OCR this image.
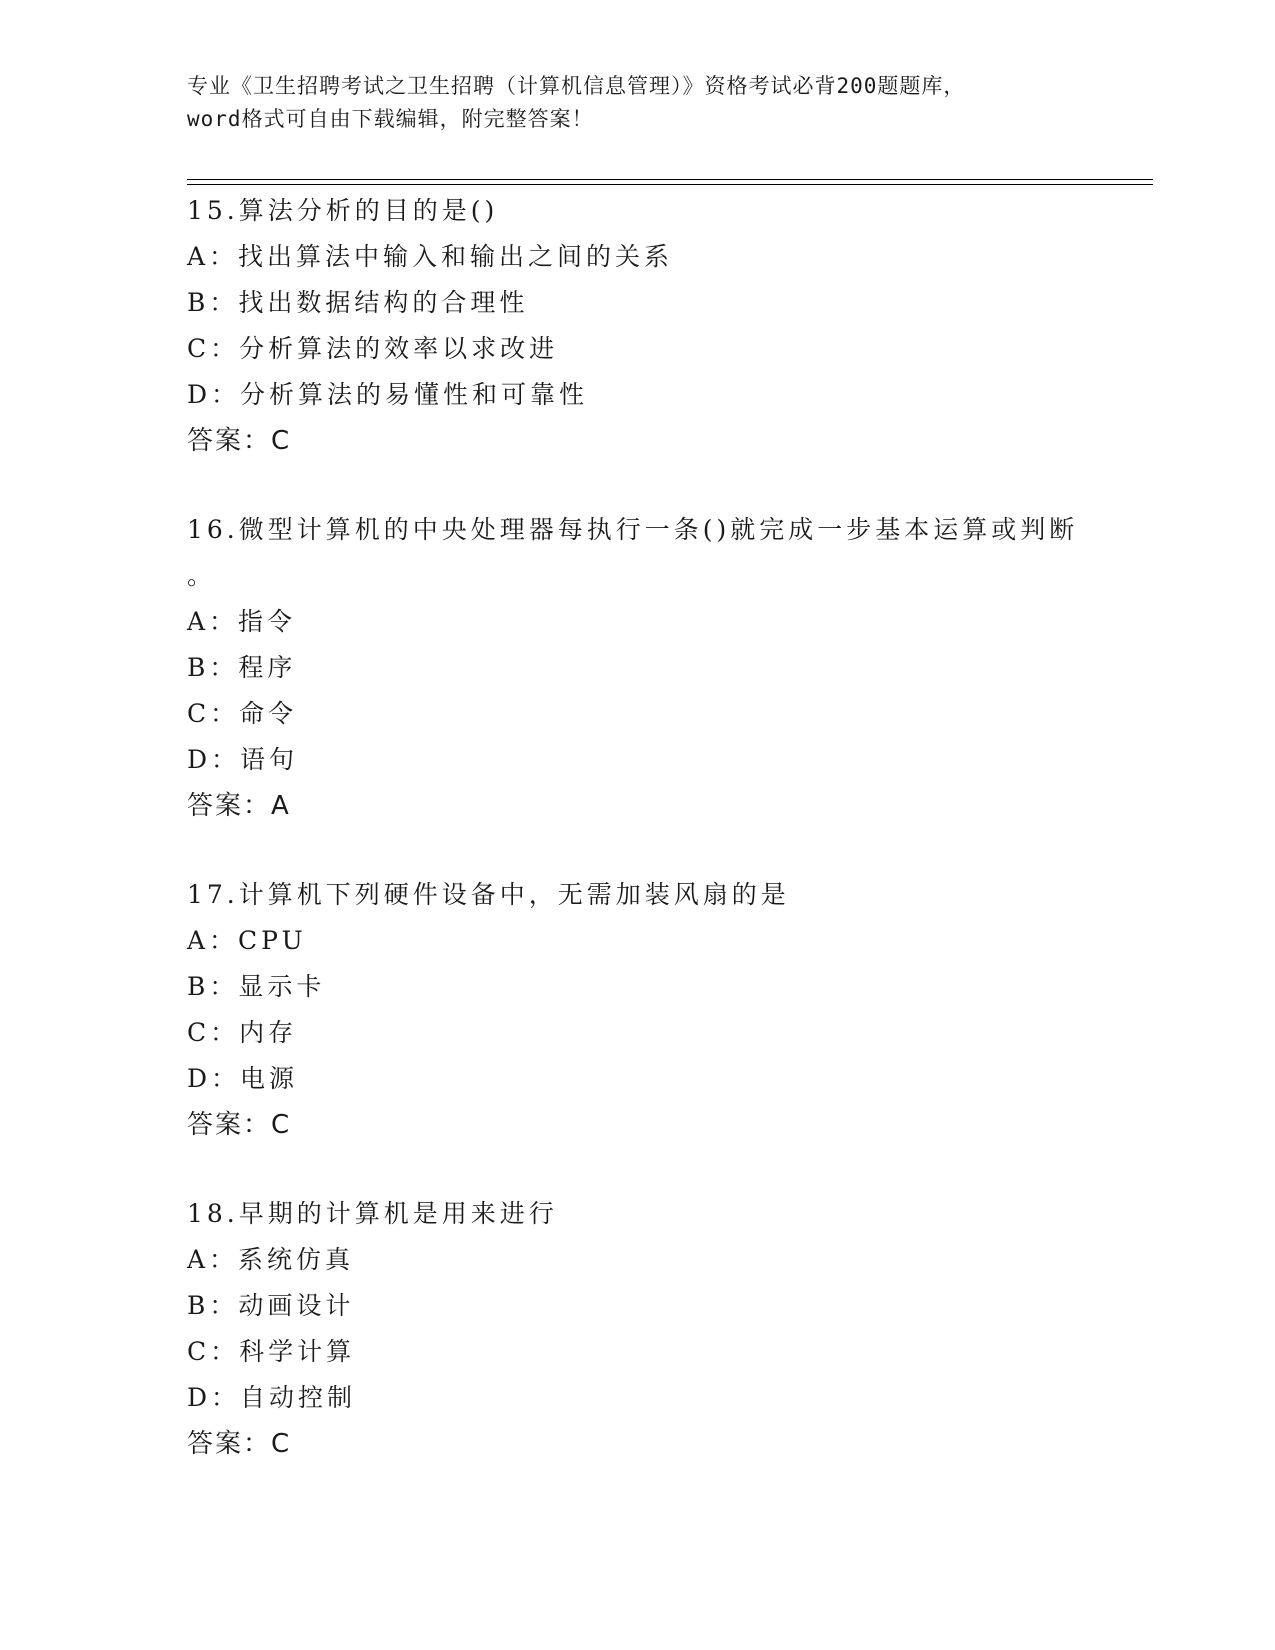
专业《卫生招聘考试之卫生招聘（计算机信息管理）》资格考试必背200题题库，
word格式可自由下载编辑，附完整答案！
15.算法分析的目的是()
A：找出算法中输入和输出之间的关系
B：找出数据结构的合理性
C：分析算法的效率以求改进
D：分析算法的易懂性和可靠性
答案：C
16.微型计算机的中央处理器每执行一条()就完成一步基本运算或判断
。
A：指令
B：程序
C：命令
D：语句
答案：A
17.计算机下列硬件设备中，无需加装风扇的是
A：CPU
B：显示卡
C：内存
D：电源
答案：C
18.早期的计算机是用来进行
A：系统仿真
B：动画设计
C：科学计算
D：自动控制
答案：C
